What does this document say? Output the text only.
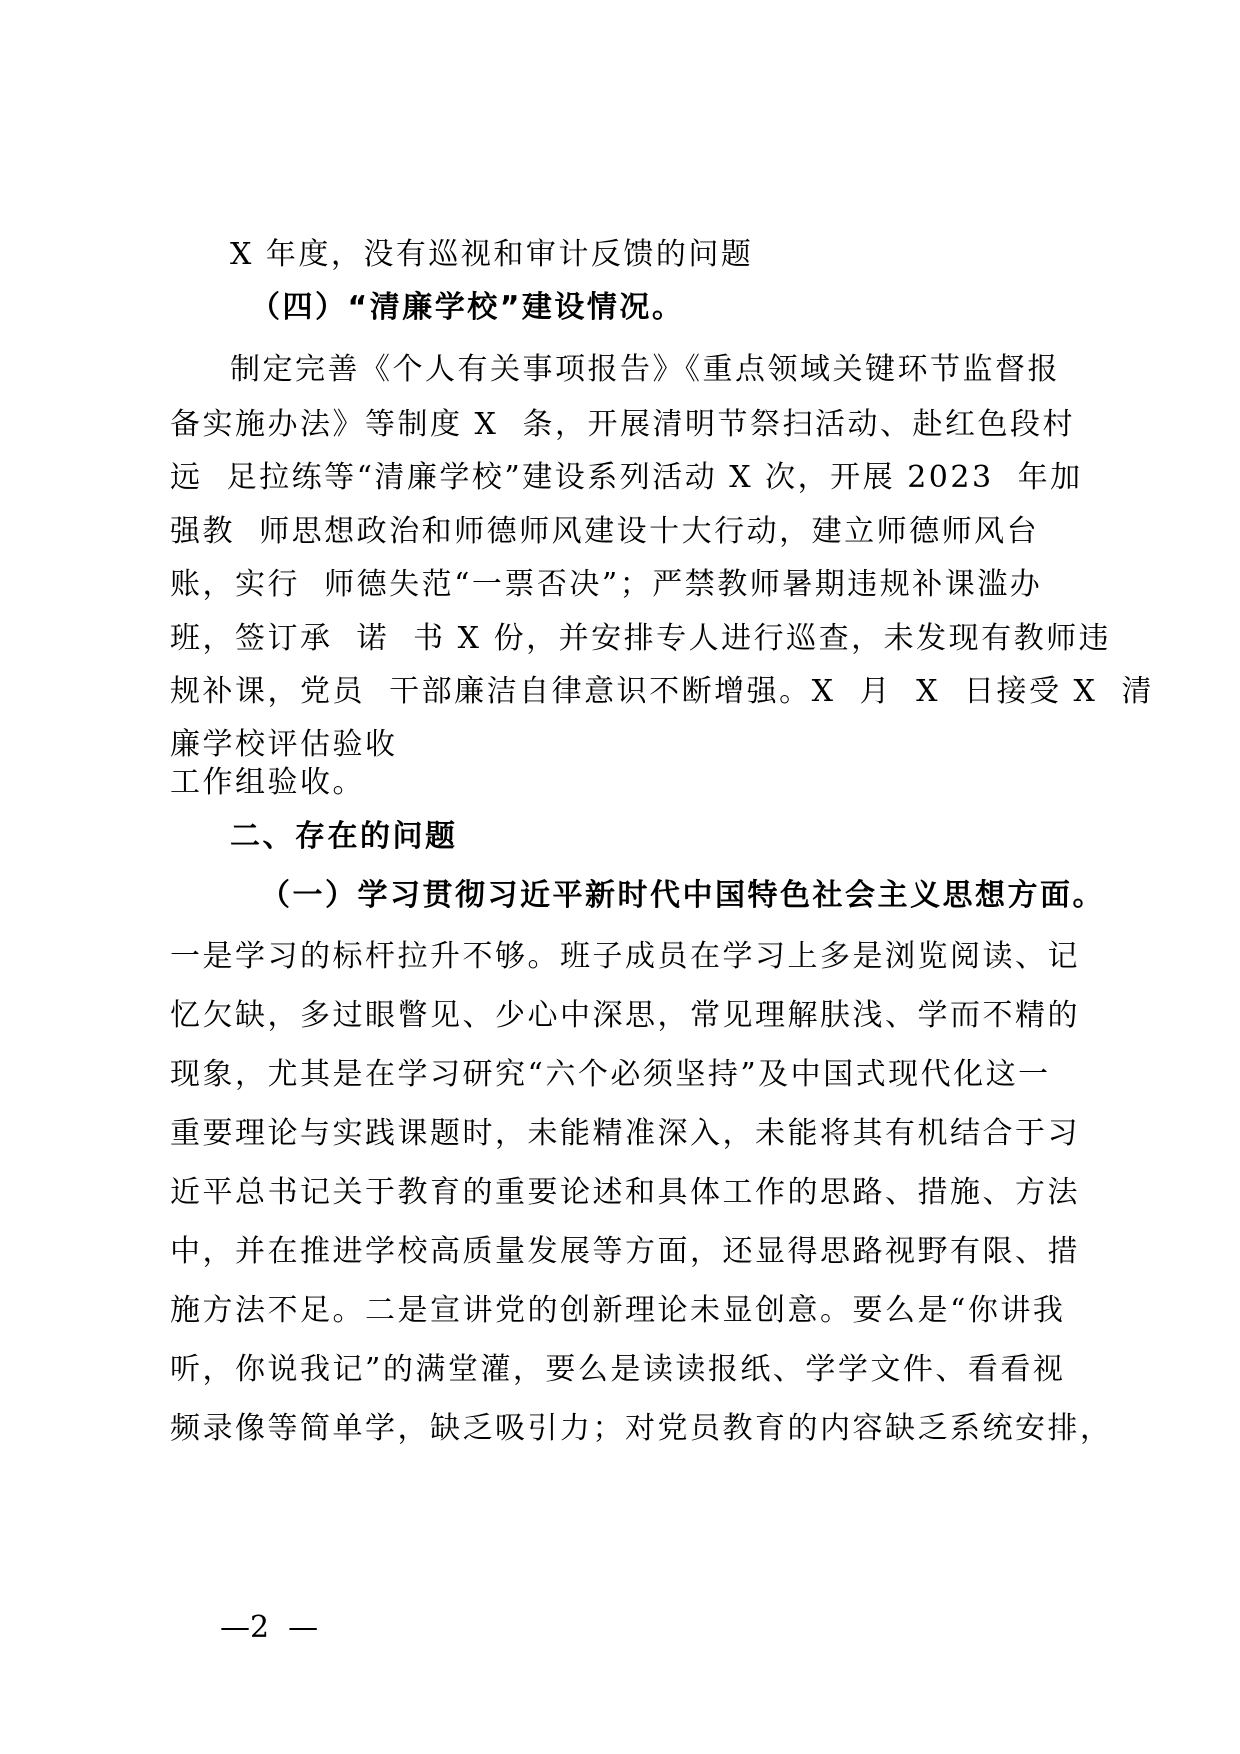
X 年度，没有巡视和审计反馈的问题

（四）“清廉学校”建设情况。

制定完善《个人有关事项报告》《重点领域关键环节监督报

备实施办法》等制度 X  条，开展清明节祭扫活动、赴红色段村

远  足拉练等“清廉学校”建设系列活动 X 次，开展 2023  年加

强教  师思想政治和师德师风建设十大行动，建立师德师风台

账，实行  师德失范“一票否决”；严禁教师暑期违规补课滥办

班，签订承  诺  书 X 份，并安排专人进行巡查，未发现有教师违

规补课，党员  干部廉洁自律意识不断增强。X  月  X  日接受 X  清

廉学校评估验收

工作组验收。

二、存在的问题

（一）学习贯彻习近平新时代中国特色社会主义思想方面。

一是学习的标杆拉升不够。班子成员在学习上多是浏览阅读、记

忆欠缺，多过眼瞥见、少心中深思，常见理解肤浅、学而不精的

现象，尤其是在学习研究“六个必须坚持”及中国式现代化这一

重要理论与实践课题时，未能精准深入，未能将其有机结合于习

近平总书记关于教育的重要论述和具体工作的思路、措施、方法

中，并在推进学校高质量发展等方面，还显得思路视野有限、措

施方法不足。二是宣讲党的创新理论未显创意。要么是“你讲我

听，你说我记”的满堂灌，要么是读读报纸、学学文件、看看视

频录像等简单学，缺乏吸引力；对党员教育的内容缺乏系统安排，

—2  —
